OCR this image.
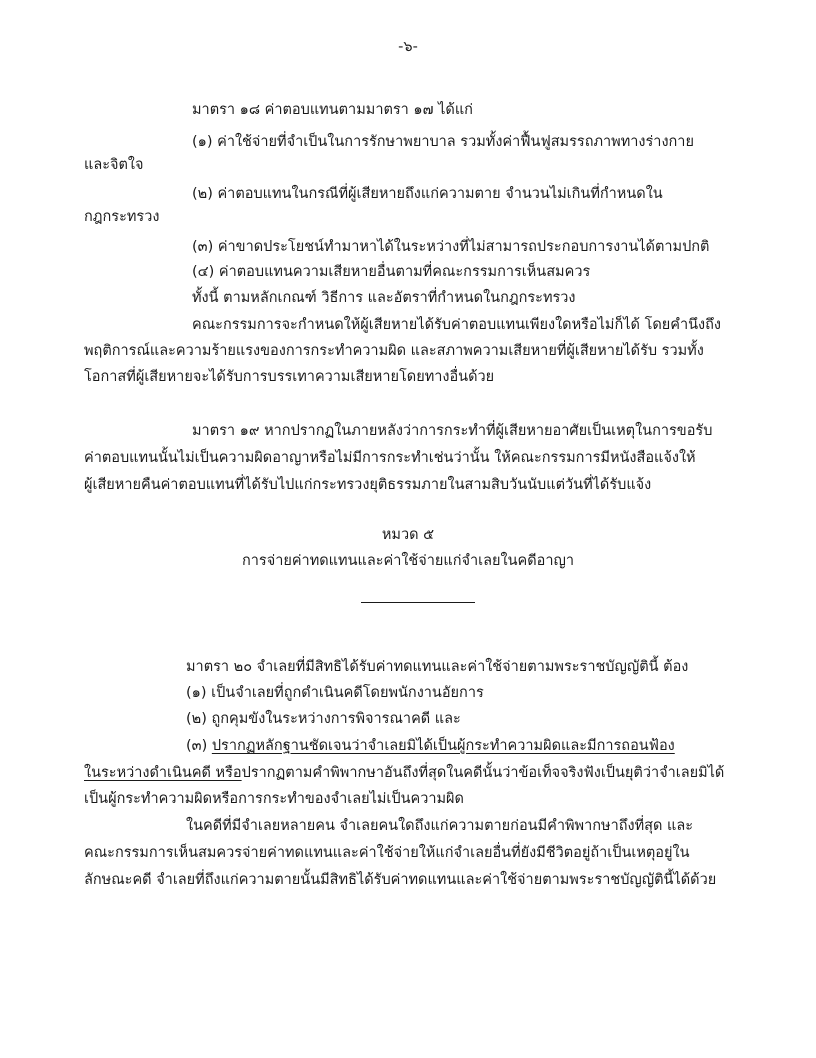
-๖-
มาตรา ๑๘ ค่าตอบแทนตามมาตรา ๑๗ ได้แก่
(๑) ค่าใช้จ่ายที่จำเป็นในการรักษาพยาบาล รวมทั้งค่าฟื้นฟูสมรรถภาพทางร่างกาย
และจิตใจ
(๒) ค่าตอบแทนในกรณีที่ผู้เสียหายถึงแก่ความตาย จำนวนไม่เกินที่กำหนดใน
กฎกระทรวง
(๓) ค่าขาดประโยชน์ทำมาหาได้ในระหว่างที่ไม่สามารถประกอบการงานได้ตามปกติ
(๔) ค่าตอบแทนความเสียหายอื่นตามที่คณะกรรมการเห็นสมควร
ทั้งนี้ ตามหลักเกณฑ์ วิธีการ และอัตราที่กำหนดในกฎกระทรวง
คณะกรรมการจะกำหนดให้ผู้เสียหายได้รับค่าตอบแทนเพียงใดหรือไม่ก็ได้ โดยคำนึงถึง
พฤติการณ์และความร้ายแรงของการกระทำความผิด และสภาพความเสียหายที่ผู้เสียหายได้รับ รวมทั้ง
โอกาสที่ผู้เสียหายจะได้รับการบรรเทาความเสียหายโดยทางอื่นด้วย
มาตรา ๑๙ หากปรากฏในภายหลังว่าการกระทำที่ผู้เสียหายอาศัยเป็นเหตุในการขอรับ
ค่าตอบแทนนั้นไม่เป็นความผิดอาญาหรือไม่มีการกระทำเช่นว่านั้น ให้คณะกรรมการมีหนังสือแจ้งให้
ผู้เสียหายคืนค่าตอบแทนที่ได้รับไปแก่กระทรวงยุติธรรมภายในสามสิบวันนับแต่วันที่ได้รับแจ้ง
หมวด ๕
การจ่ายค่าทดแทนและค่าใช้จ่ายแก่จำเลยในคดีอาญา
มาตรา ๒๐ จำเลยที่มีสิทธิได้รับค่าทดแทนและค่าใช้จ่ายตามพระราชบัญญัตินี้ ต้อง
(๑) เป็นจำเลยที่ถูกดำเนินคดีโดยพนักงานอัยการ
(๒) ถูกคุมขังในระหว่างการพิจารณาคดี และ
(๓) ปรากฏหลักฐานชัดเจนว่าจำเลยมิได้เป็นผู้กระทำความผิดและมีการถอนฟ้อง
ในระหว่างดำเนินคดี หรือปรากฏตามคำพิพากษาอันถึงที่สุดในคดีนั้นว่าข้อเท็จจริงฟังเป็นยุติว่าจำเลยมิได้
เป็นผู้กระทำความผิดหรือการกระทำของจำเลยไม่เป็นความผิด
ในคดีที่มีจำเลยหลายคน จำเลยคนใดถึงแก่ความตายก่อนมีคำพิพากษาถึงที่สุด และ
คณะกรรมการเห็นสมควรจ่ายค่าทดแทนและค่าใช้จ่ายให้แก่จำเลยอื่นที่ยังมีชีวิตอยู่ถ้าเป็นเหตุอยู่ใน
ลักษณะคดี จำเลยที่ถึงแก่ความตายนั้นมีสิทธิได้รับค่าทดแทนและค่าใช้จ่ายตามพระราชบัญญัตินี้ได้ด้วย
